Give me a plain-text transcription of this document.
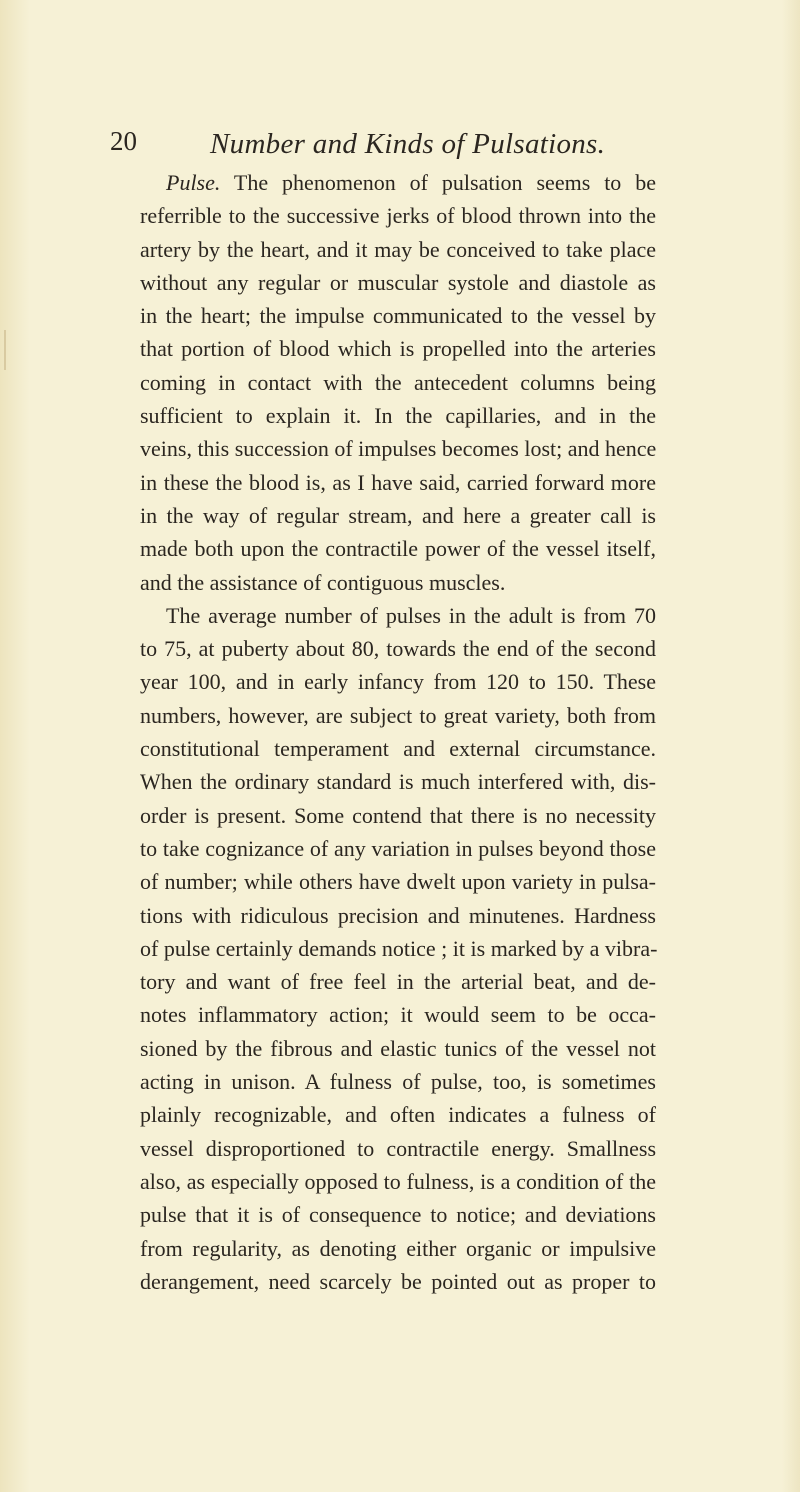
20	Number and Kinds of Pulsations.
Pulse. The phenomenon of pulsation seems to be
referrible to the successive jerks of blood thrown into the
artery by the heart, and it may be conceived to take place
without any regular or muscular systole and diastole as
in the heart; the impulse communicated to the vessel by
that portion of blood which is propelled into the arteries
coming in contact with the antecedent columns being
sufficient to explain it. In the capillaries, and in the
veins, this succession of impulses becomes lost; and hence
in these the blood is, as I have said, carried forward more
in the way of regular stream, and here a greater call is
made both upon the contractile power of the vessel itself,
and the assistance of contiguous muscles.
The average number of pulses in the adult is from 70
to 75, at puberty about 80, towards the end of the second
year 100, and in early infancy from 120 to 150. These
numbers, however, are subject to great variety, both from
constitutional temperament and external circumstance.
When the ordinary standard is much interfered with, dis-
order is present. Some contend that there is no necessity
to take cognizance of any variation in pulses beyond those
of number; while others have dwelt upon variety in pulsa-
tions with ridiculous precision and minutenes. Hardness
of pulse certainly demands notice ; it is marked by a vibra-
tory and want of free feel in the arterial beat, and de-
notes inflammatory action; it would seem to be occa-
sioned by the fibrous and elastic tunics of the vessel not
acting in unison. A fulness of pulse, too, is sometimes
plainly recognizable, and often indicates a fulness of
vessel disproportioned to contractile energy. Smallness
also, as especially opposed to fulness, is a condition of the
pulse that it is of consequence to notice; and deviations
from regularity, as denoting either organic or impulsive
derangement, need scarcely be pointed out as proper to
